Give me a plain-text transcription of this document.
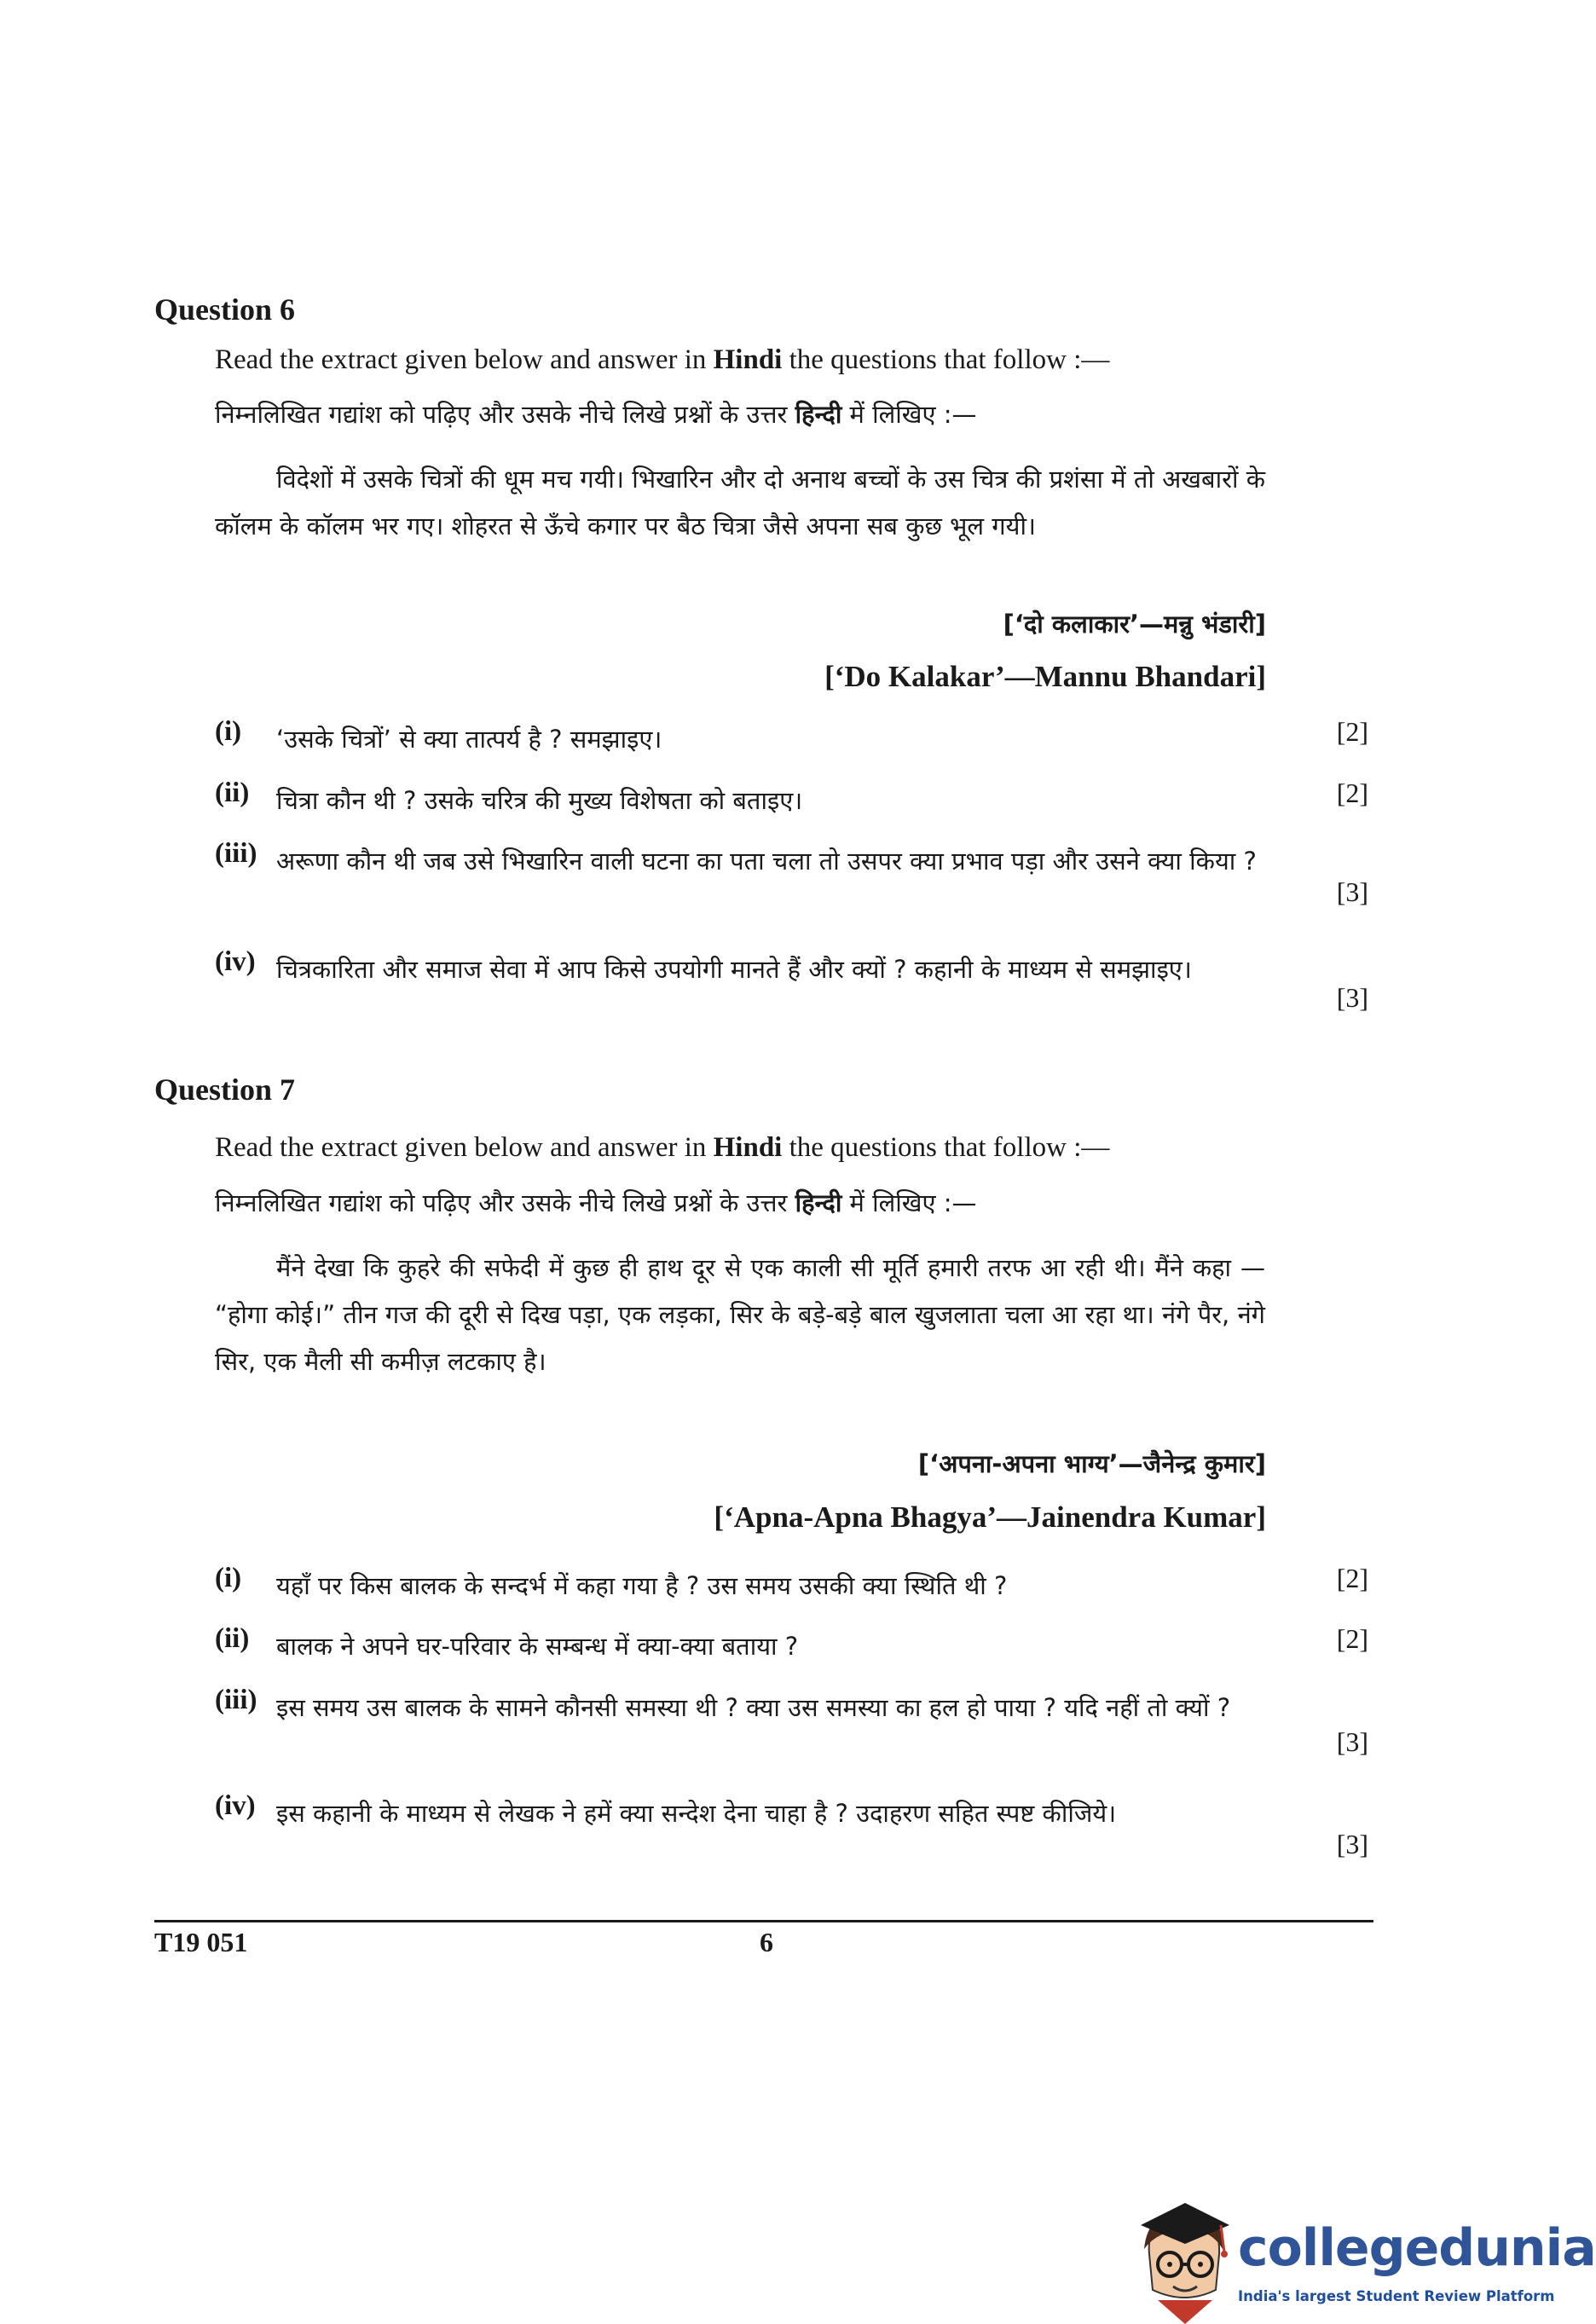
Question 6
Read the extract given below and answer in Hindi the questions that follow :—
निम्नलिखित गद्यांश को पढ़िए और उसके नीचे लिखे प्रश्नों के उत्तर हिन्दी में लिखिए :—

विदेशों में उसके चित्रों की धूम मच गयी। भिखारिन और दो अनाथ बच्चों के उस चित्र की प्रशंसा में तो अखबारों के कॉलम के कॉलम भर गए। शोहरत से ऊँचे कगार पर बैठ चित्रा जैसे अपना सब कुछ भूल गयी।

[‘दो कलाकार’—मन्नु भंडारी]
[‘Do Kalakar’—Mannu Bhandari]
(i)	‘उसके चित्रों’ से क्या तात्पर्य है ? समझाइए।	[2]
(ii)	चित्रा कौन थी ? उसके चरित्र की मुख्य विशेषता को बताइए।	[2]
(iii) अरूणा कौन थी जब उसे भिखारिन वाली घटना का पता चला तो उसपर क्या प्रभाव पड़ा और उसने क्या किया ?
[3]
(iv) चित्रकारिता और समाज सेवा में आप किसे उपयोगी मानते हैं और क्यों ? कहानी के माध्यम से समझाइए।
[3]
Question 7
Read the extract given below and answer in Hindi the questions that follow :—
निम्नलिखित गद्यांश को पढ़िए और उसके नीचे लिखे प्रश्नों के उत्तर हिन्दी में लिखिए :—

मैंने देखा कि कुहरे की सफेदी में कुछ ही हाथ दूर से एक काली सी मूर्ति हमारी तरफ आ रही थी। मैंने कहा — “होगा कोई।” तीन गज की दूरी से दिख पड़ा, एक लड़का, सिर के बड़े-बड़े बाल खुजलाता चला आ रहा था। नंगे पैर, नंगे सिर, एक मैली सी कमीज़ लटकाए है।

[‘अपना-अपना भाग्य’—जैनेन्द्र कुमार]
[‘Apna-Apna Bhagya’—Jainendra Kumar]
(i)	यहाँ पर किस बालक के सन्दर्भ में कहा गया है ? उस समय उसकी क्या स्थिति थी ?	[2]
(ii)	बालक ने अपने घर-परिवार के सम्बन्ध में क्या-क्या बताया ?	[2]
(iii) इस समय उस बालक के सामने कौनसी समस्या थी ? क्या उस समस्या का हल हो पाया ? यदि नहीं तो क्यों ?
[3]
(iv) इस कहानी के माध्यम से लेखक ने हमें क्या सन्देश देना चाहा है ? उदाहरण सहित स्पष्ट कीजिये।
[3]
T19 051	6
collegedunia
India's largest Student Review Platform
